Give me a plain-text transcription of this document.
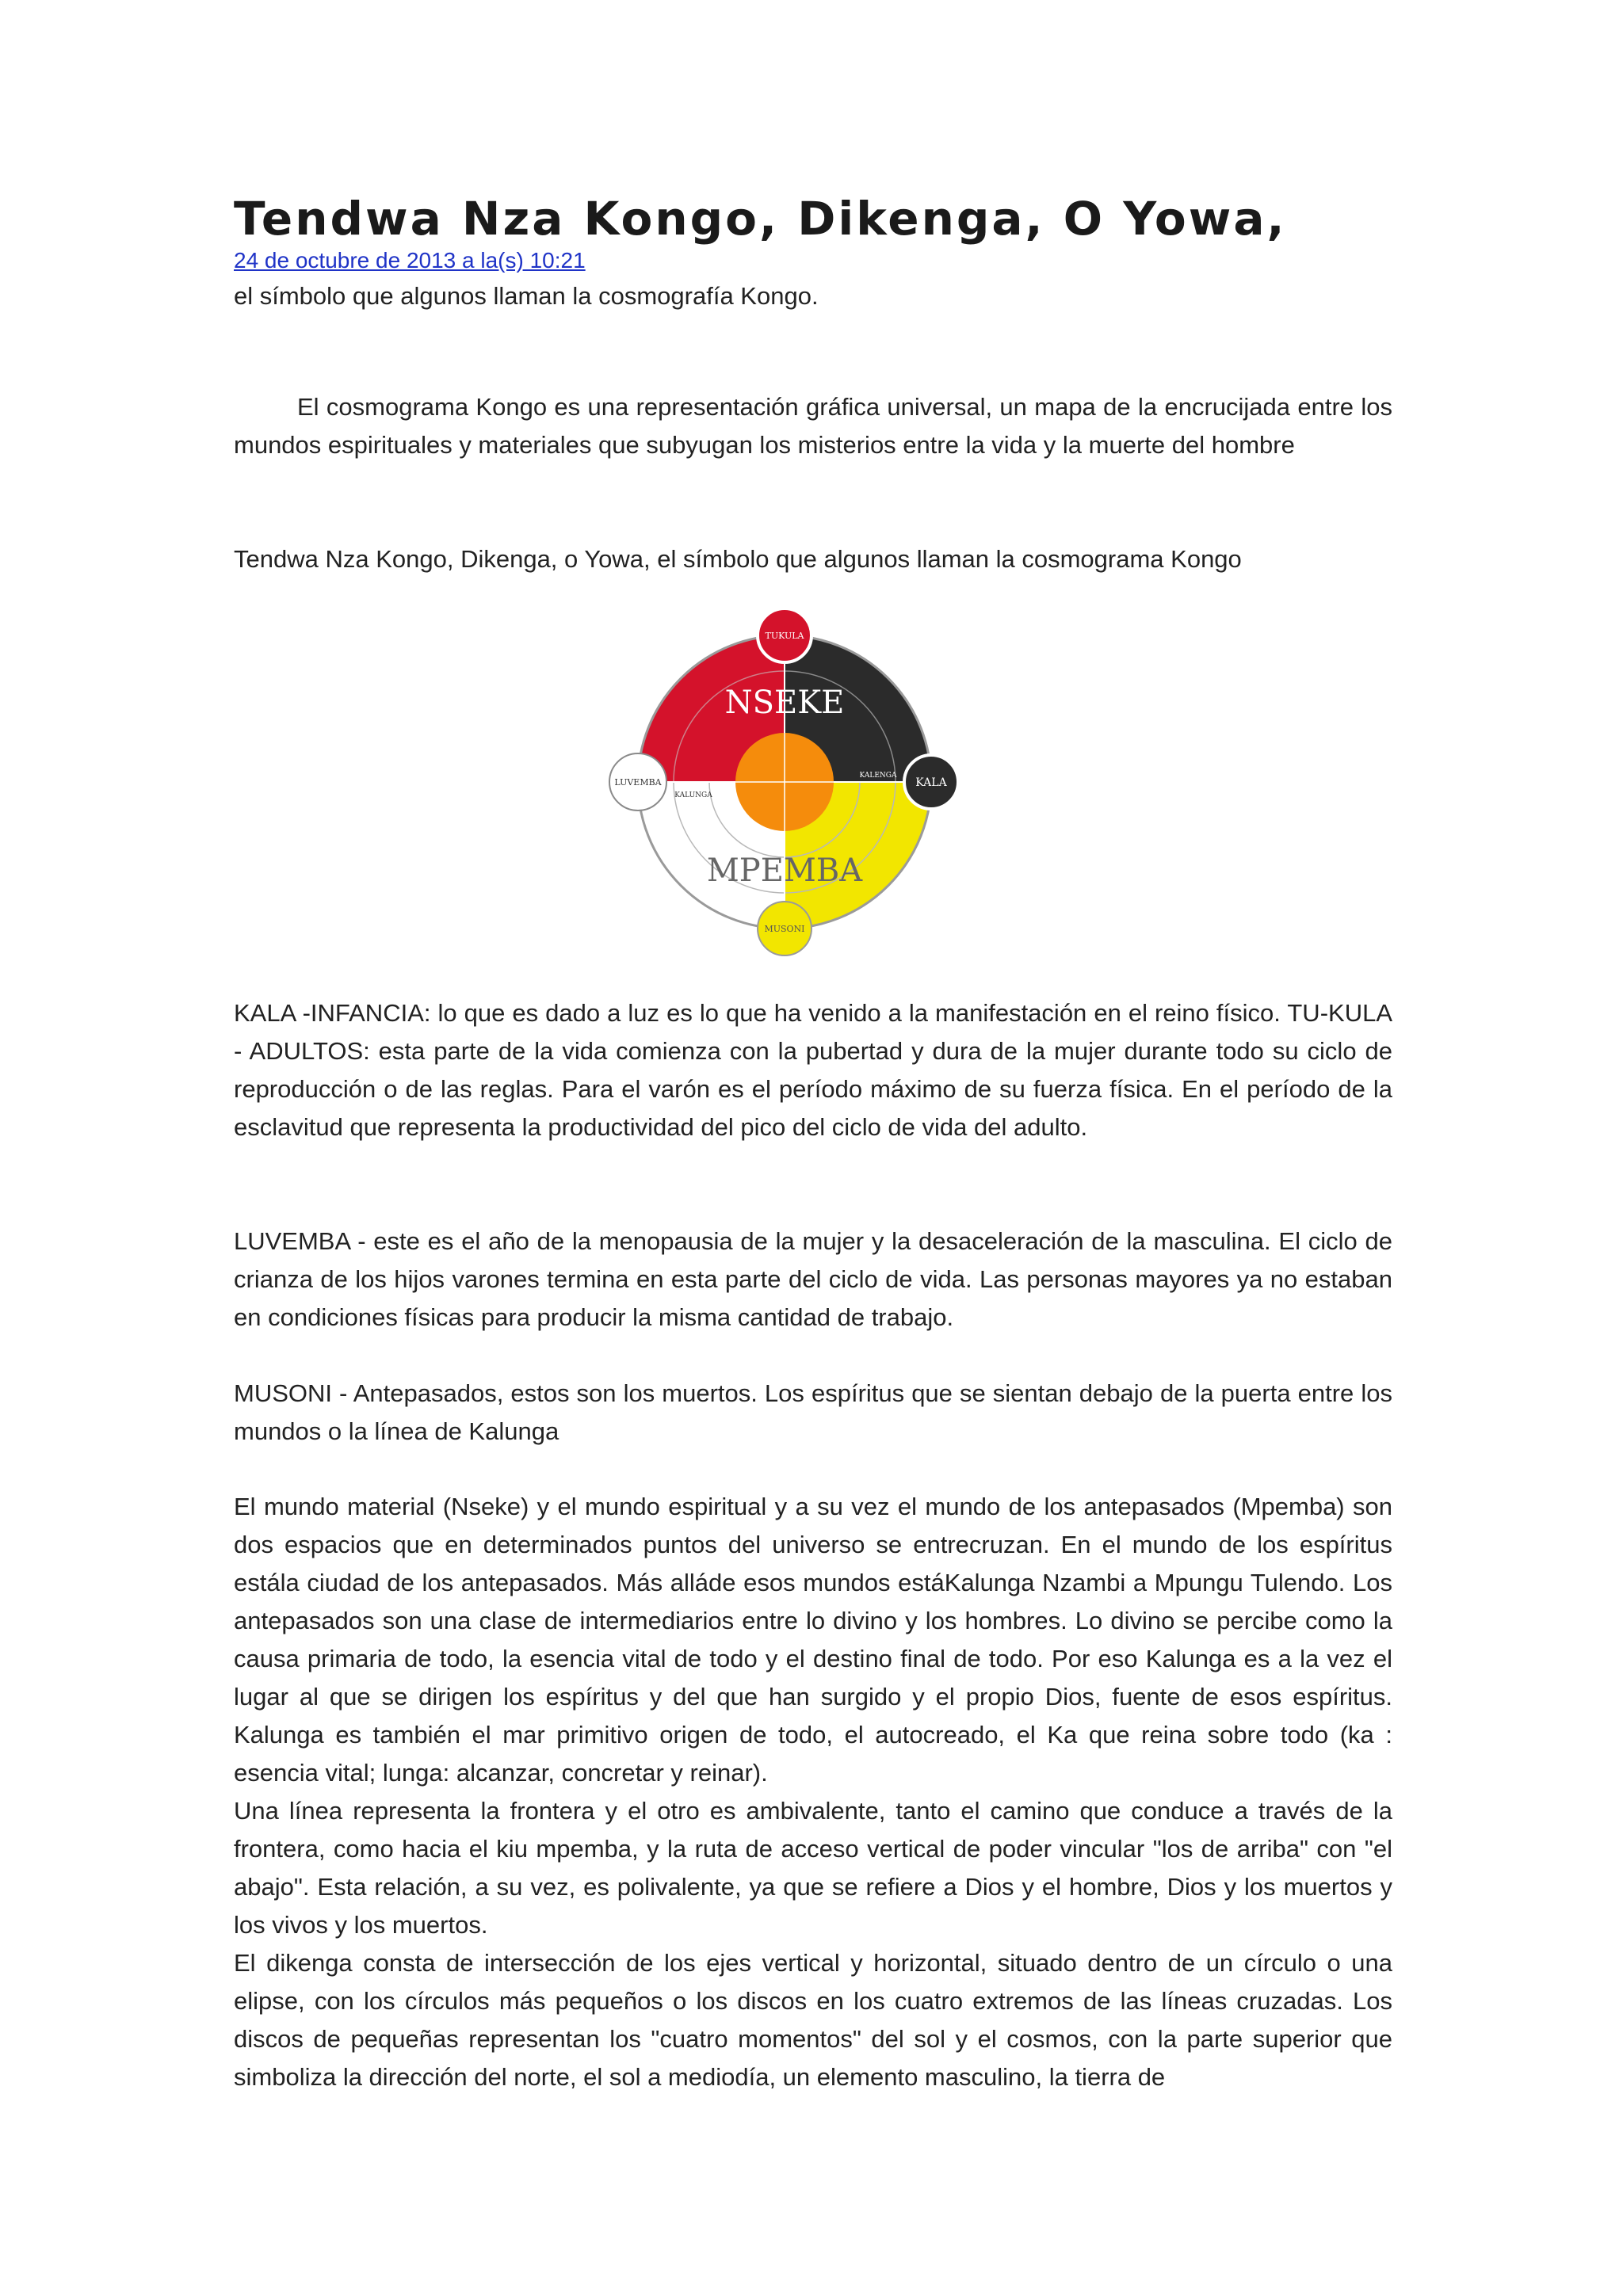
Tendwa Nza Kongo, Dikenga, O Yowa,
24 de octubre de 2013 a la(s) 10:21
el símbolo que algunos llaman la cosmografía Kongo.

El cosmograma Kongo es una representación gráfica universal, un mapa de la encrucijada entre los mundos espirituales y materiales que subyugan los misterios entre la vida y la muerte del hombre

Tendwa Nza Kongo, Dikenga, o Yowa, el símbolo que algunos llaman la cosmograma Kongo

NSEKE
MPEMBA
KALUNGA
KALENGA
TUKULA
KALA
MUSONI
LUVEMBA

KALA -INFANCIA: lo que es dado a luz es lo que ha venido a la manifestación en el reino físico. TU-KULA - ADULTOS: esta parte de la vida comienza con la pubertad y dura de la mujer durante todo su ciclo de reproducción o de las reglas. Para el varón es el período máximo de su fuerza física. En el período de la esclavitud que representa la productividad del pico del ciclo de vida del adulto.

LUVEMBA - este es el año de la menopausia de la mujer y la desaceleración de la masculina. El ciclo de crianza de los hijos varones termina en esta parte del ciclo de vida. Las personas mayores ya no estaban en condiciones físicas para producir la misma cantidad de trabajo.

MUSONI - Antepasados, estos son los muertos. Los espíritus que se sientan debajo de la puerta entre los mundos o la línea de Kalunga

El mundo material (Nseke) y el mundo espiritual y a su vez el mundo de los antepasados (Mpemba) son dos espacios que en determinados puntos del universo se entrecruzan. En el mundo de los espíritus estála ciudad de los antepasados. Más alláde esos mundos estáKalunga Nzambi a Mpungu Tulendo. Los antepasados son una clase de intermediarios entre lo divino y los hombres. Lo divino se percibe como la causa primaria de todo, la esencia vital de todo y el destino final de todo. Por eso Kalunga es a la vez el lugar al que se dirigen los espíritus y del que han surgido y el propio Dios, fuente de esos espíritus. Kalunga es también el mar primitivo origen de todo, el autocreado, el Ka que reina sobre todo (ka : esencia vital; lunga: alcanzar, concretar y reinar).

Una línea representa la frontera y el otro es ambivalente, tanto el camino que conduce a través de la frontera, como hacia el kiu mpemba, y la ruta de acceso vertical de poder vincular "los de arriba" con "el abajo". Esta relación, a su vez, es polivalente, ya que se refiere a Dios y el hombre, Dios y los muertos y los vivos y los muertos.

El dikenga consta de intersección de los ejes vertical y horizontal, situado dentro de un círculo o una elipse, con los círculos más pequeños o los discos en los cuatro extremos de las líneas cruzadas. Los discos de pequeñas representan los "cuatro momentos" del sol y el cosmos, con la parte superior que simboliza la dirección del norte, el sol a mediodía, un elemento masculino, la tierra de
